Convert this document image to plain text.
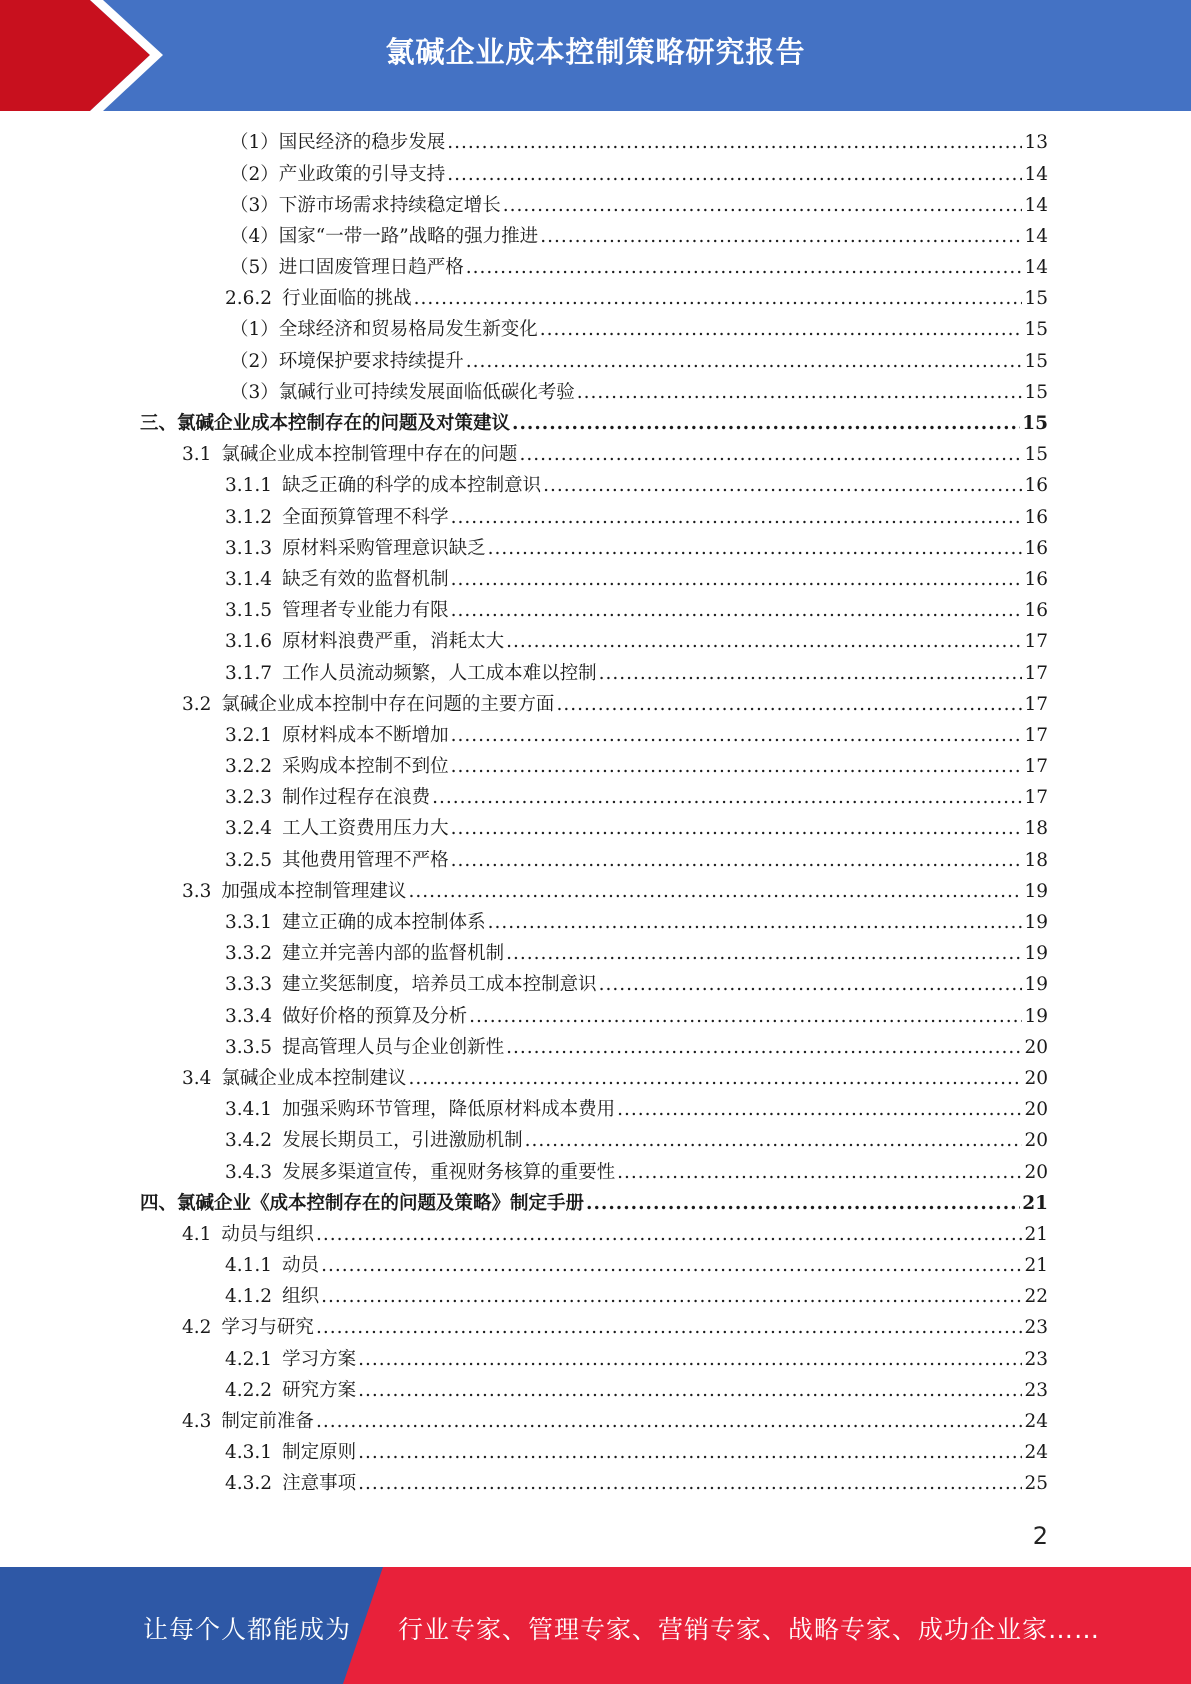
氯碱企业成本控制策略研究报告
（1）国民经济的稳步发展 .....	13
（2）产业政策的引导支持 .....	14
（3）下游市场需求持续稳定增长 .....	14
（4）国家“一带一路”战略的强力推进 .....	14
（5）进口固废管理日趋严格 .....	14
2.6.2 行业面临的挑战 .....	15
（1）全球经济和贸易格局发生新变化 .....	15
（2）环境保护要求持续提升 .....	15
（3）氯碱行业可持续发展面临低碳化考验 .....	15
三、氯碱企业成本控制存在的问题及对策建议 .....	15
3.1 氯碱企业成本控制管理中存在的问题 .....	15
3.1.1 缺乏正确的科学的成本控制意识 .....	16
3.1.2 全面预算管理不科学 .....	16
3.1.3 原材料采购管理意识缺乏 .....	16
3.1.4 缺乏有效的监督机制 .....	16
3.1.5 管理者专业能力有限 .....	16
3.1.6 原材料浪费严重，消耗太大 .....	17
3.1.7 工作人员流动频繁，人工成本难以控制 .....	17
3.2 氯碱企业成本控制中存在问题的主要方面 .....	17
3.2.1 原材料成本不断增加 .....	17
3.2.2 采购成本控制不到位 .....	17
3.2.3 制作过程存在浪费 .....	17
3.2.4 工人工资费用压力大 .....	18
3.2.5 其他费用管理不严格 .....	18
3.3 加强成本控制管理建议 .....	19
3.3.1 建立正确的成本控制体系 .....	19
3.3.2 建立并完善内部的监督机制 .....	19
3.3.3 建立奖惩制度，培养员工成本控制意识 .....	19
3.3.4 做好价格的预算及分析 .....	19
3.3.5 提高管理人员与企业创新性 .....	20
3.4 氯碱企业成本控制建议 .....	20
3.4.1 加强采购环节管理，降低原材料成本费用 .....	20
3.4.2 发展长期员工，引进激励机制 .....	20
3.4.3 发展多渠道宣传，重视财务核算的重要性 .....	20
四、氯碱企业《成本控制存在的问题及策略》制定手册 .....	21
4.1 动员与组织 .....	21
4.1.1 动员 .....	21
4.1.2 组织 .....	22
4.2 学习与研究 .....	23
4.2.1 学习方案 .....	23
4.2.2 研究方案 .....	23
4.3 制定前准备 .....	24
4.3.1 制定原则 .....	24
4.3.2 注意事项 .....	25
2
让每个人都能成为 行业专家、管理专家、营销专家、战略专家、成功企业家……
